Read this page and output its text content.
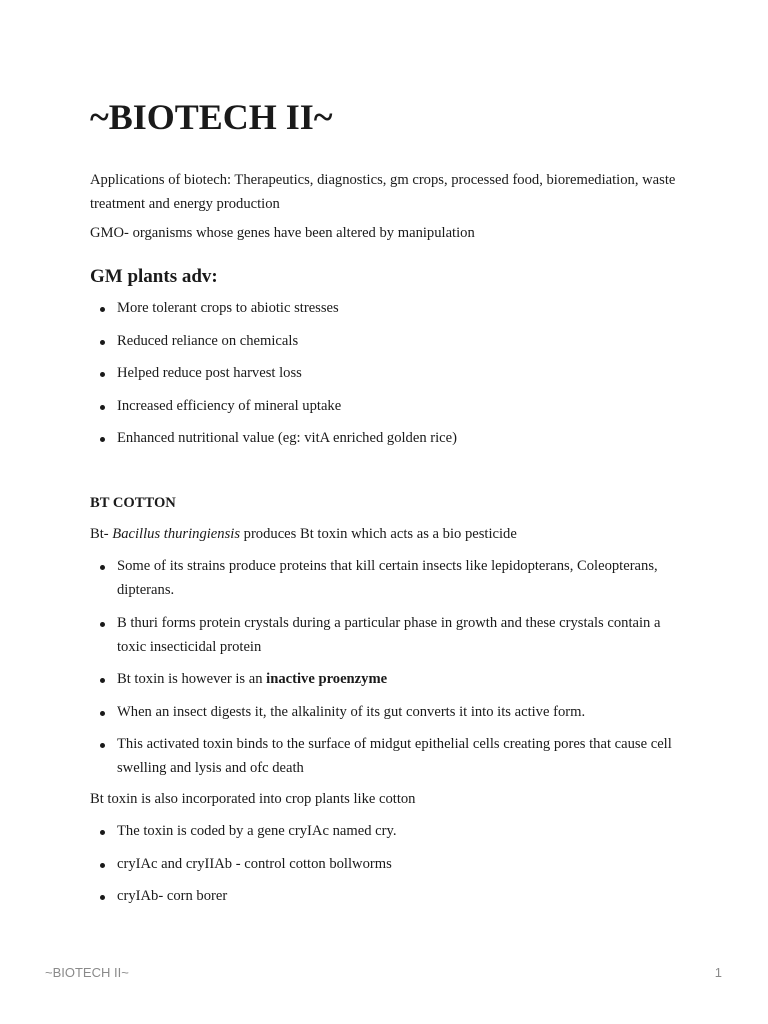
~BIOTECH II~

Applications of biotech: Therapeutics, diagnostics, gm crops, processed food, bioremediation, waste treatment and energy production

GMO- organisms whose genes have been altered by manipulation

GM plants adv:
More tolerant crops to abiotic stresses
Reduced reliance on chemicals
Helped reduce post harvest loss
Increased efficiency of mineral uptake
Enhanced nutritional value (eg: vitA enriched golden rice)
BT COTTON

Bt- Bacillus thuringiensis produces Bt toxin which acts as a bio pesticide

Some of its strains produce proteins that kill certain insects like lepidopterans, Coleopterans, dipterans.
B thuri forms protein crystals during a particular phase in growth and these crystals contain a toxic insecticidal protein
Bt toxin is however is an inactive proenzyme
When an insect digests it, the alkalinity of its gut converts it into its active form.
This activated toxin binds to the surface of midgut epithelial cells creating pores that cause cell swelling and lysis and ofc death

Bt toxin is also incorporated into crop plants like cotton

The toxin is coded by a gene cryIAc named cry.
cryIAc and cryIIAb - control cotton bollworms
cryIAb- corn borer
~BIOTECH II~	1
